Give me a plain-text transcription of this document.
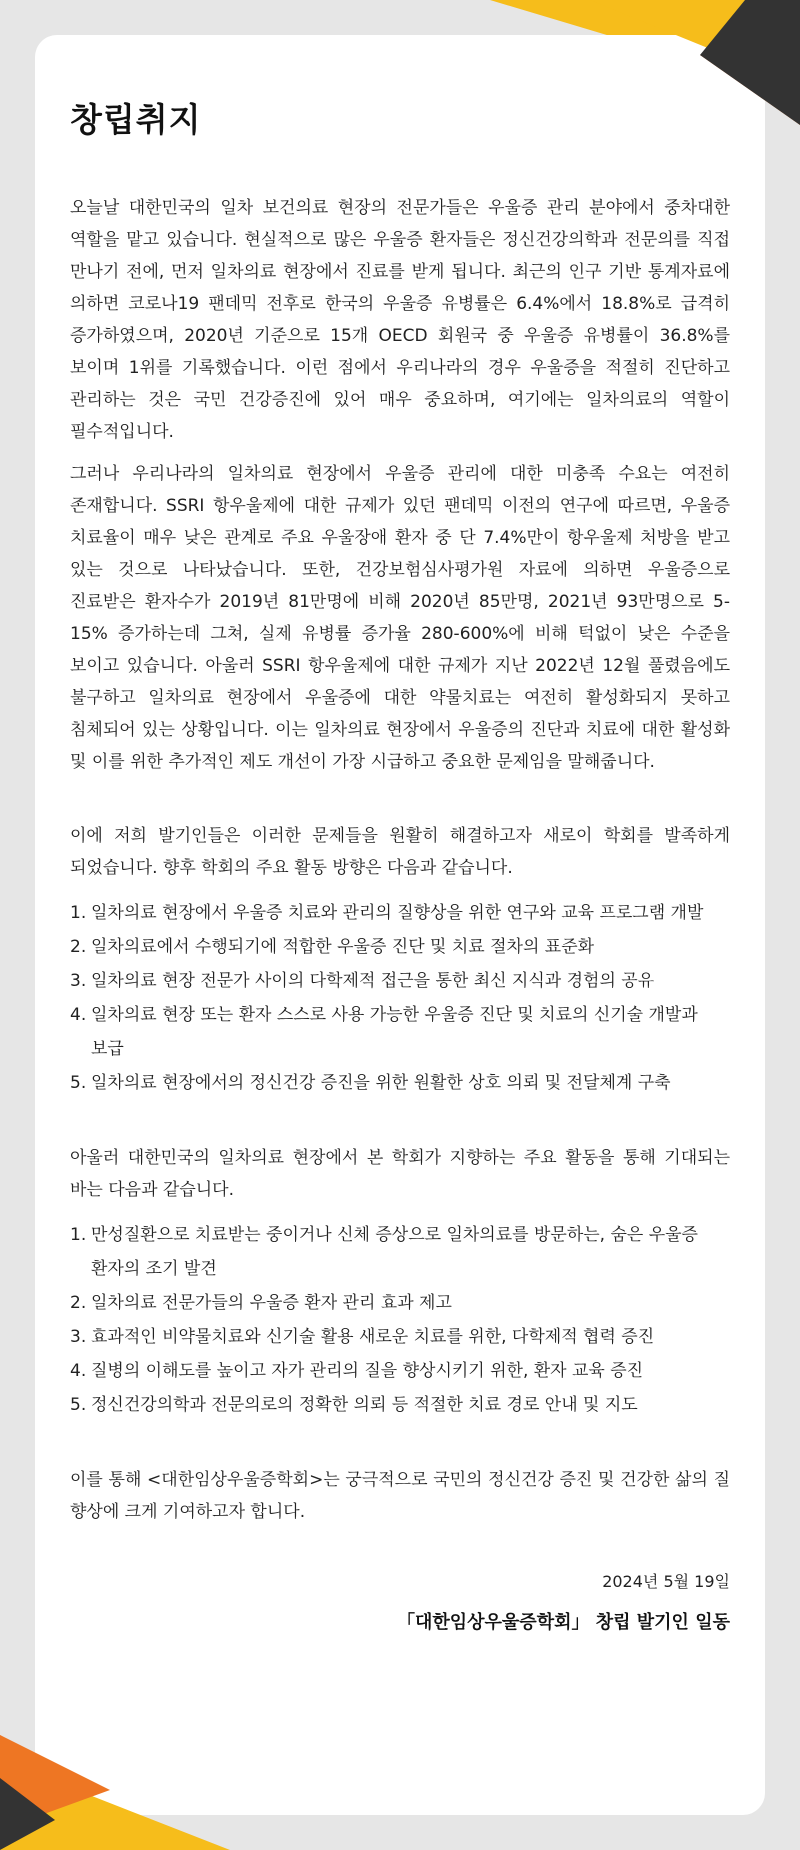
창립취지

오늘날 대한민국의 일차 보건의료 현장의 전문가들은 우울증 관리 분야에서 중차대한 역할을 맡고 있습니다. 현실적으로 많은 우울증 환자들은 정신건강의학과 전문의를 직접 만나기 전에, 먼저 일차의료 현장에서 진료를 받게 됩니다. 최근의 인구 기반 통계자료에 의하면 코로나19 팬데믹 전후로 한국의 우울증 유병률은 6.4%에서 18.8%로 급격히 증가하였으며, 2020년 기준으로 15개 OECD 회원국 중 우울증 유병률이 36.8%를 보이며 1위를 기록했습니다. 이런 점에서 우리나라의 경우 우울증을 적절히 진단하고 관리하는 것은 국민 건강증진에 있어 매우 중요하며, 여기에는 일차의료의 역할이 필수적입니다.

그러나 우리나라의 일차의료 현장에서 우울증 관리에 대한 미충족 수요는 여전히 존재합니다. SSRI 항우울제에 대한 규제가 있던 팬데믹 이전의 연구에 따르면, 우울증 치료율이 매우 낮은 관계로 주요 우울장애 환자 중 단 7.4%만이 항우울제 처방을 받고 있는 것으로 나타났습니다. 또한, 건강보험심사평가원 자료에 의하면 우울증으로 진료받은 환자수가 2019년 81만명에 비해 2020년 85만명, 2021년 93만명으로 5-15% 증가하는데 그쳐, 실제 유병률 증가율 280-600%에 비해 턱없이 낮은 수준을 보이고 있습니다. 아울러 SSRI 항우울제에 대한 규제가 지난 2022년 12월 풀렸음에도 불구하고 일차의료 현장에서 우울증에 대한 약물치료는 여전히 활성화되지 못하고 침체되어 있는 상황입니다. 이는 일차의료 현장에서 우울증의 진단과 치료에 대한 활성화 및 이를 위한 추가적인 제도 개선이 가장 시급하고 중요한 문제임을 말해줍니다.

이에 저희 발기인들은 이러한 문제들을 원활히 해결하고자 새로이 학회를 발족하게 되었습니다. 향후 학회의 주요 활동 방향은 다음과 같습니다.

1. 일차의료 현장에서 우울증 치료와 관리의 질향상을 위한 연구와 교육 프로그램 개발
2. 일차의료에서 수행되기에 적합한 우울증 진단 및 치료 절차의 표준화
3. 일차의료 현장 전문가 사이의 다학제적 접근을 통한 최신 지식과 경험의 공유
4. 일차의료 현장 또는 환자 스스로 사용 가능한 우울증 진단 및 치료의 신기술 개발과 보급
5. 일차의료 현장에서의 정신건강 증진을 위한 원활한 상호 의뢰 및 전달체계 구축

아울러 대한민국의 일차의료 현장에서 본 학회가 지향하는 주요 활동을 통해 기대되는 바는 다음과 같습니다.

1. 만성질환으로 치료받는 중이거나 신체 증상으로 일차의료를 방문하는, 숨은 우울증 환자의 조기 발견
2. 일차의료 전문가들의 우울증 환자 관리 효과 제고
3. 효과적인 비약물치료와 신기술 활용 새로운 치료를 위한, 다학제적 협력 증진
4. 질병의 이해도를 높이고 자가 관리의 질을 향상시키기 위한, 환자 교육 증진
5. 정신건강의학과 전문의로의 정확한 의뢰 등 적절한 치료 경로 안내 및 지도

이를 통해 <대한임상우울증학회>는 궁극적으로 국민의 정신건강 증진 및 건강한 삶의 질 향상에 크게 기여하고자 합니다.

2024년 5월 19일
「대한임상우울증학회」 창립 발기인 일동
